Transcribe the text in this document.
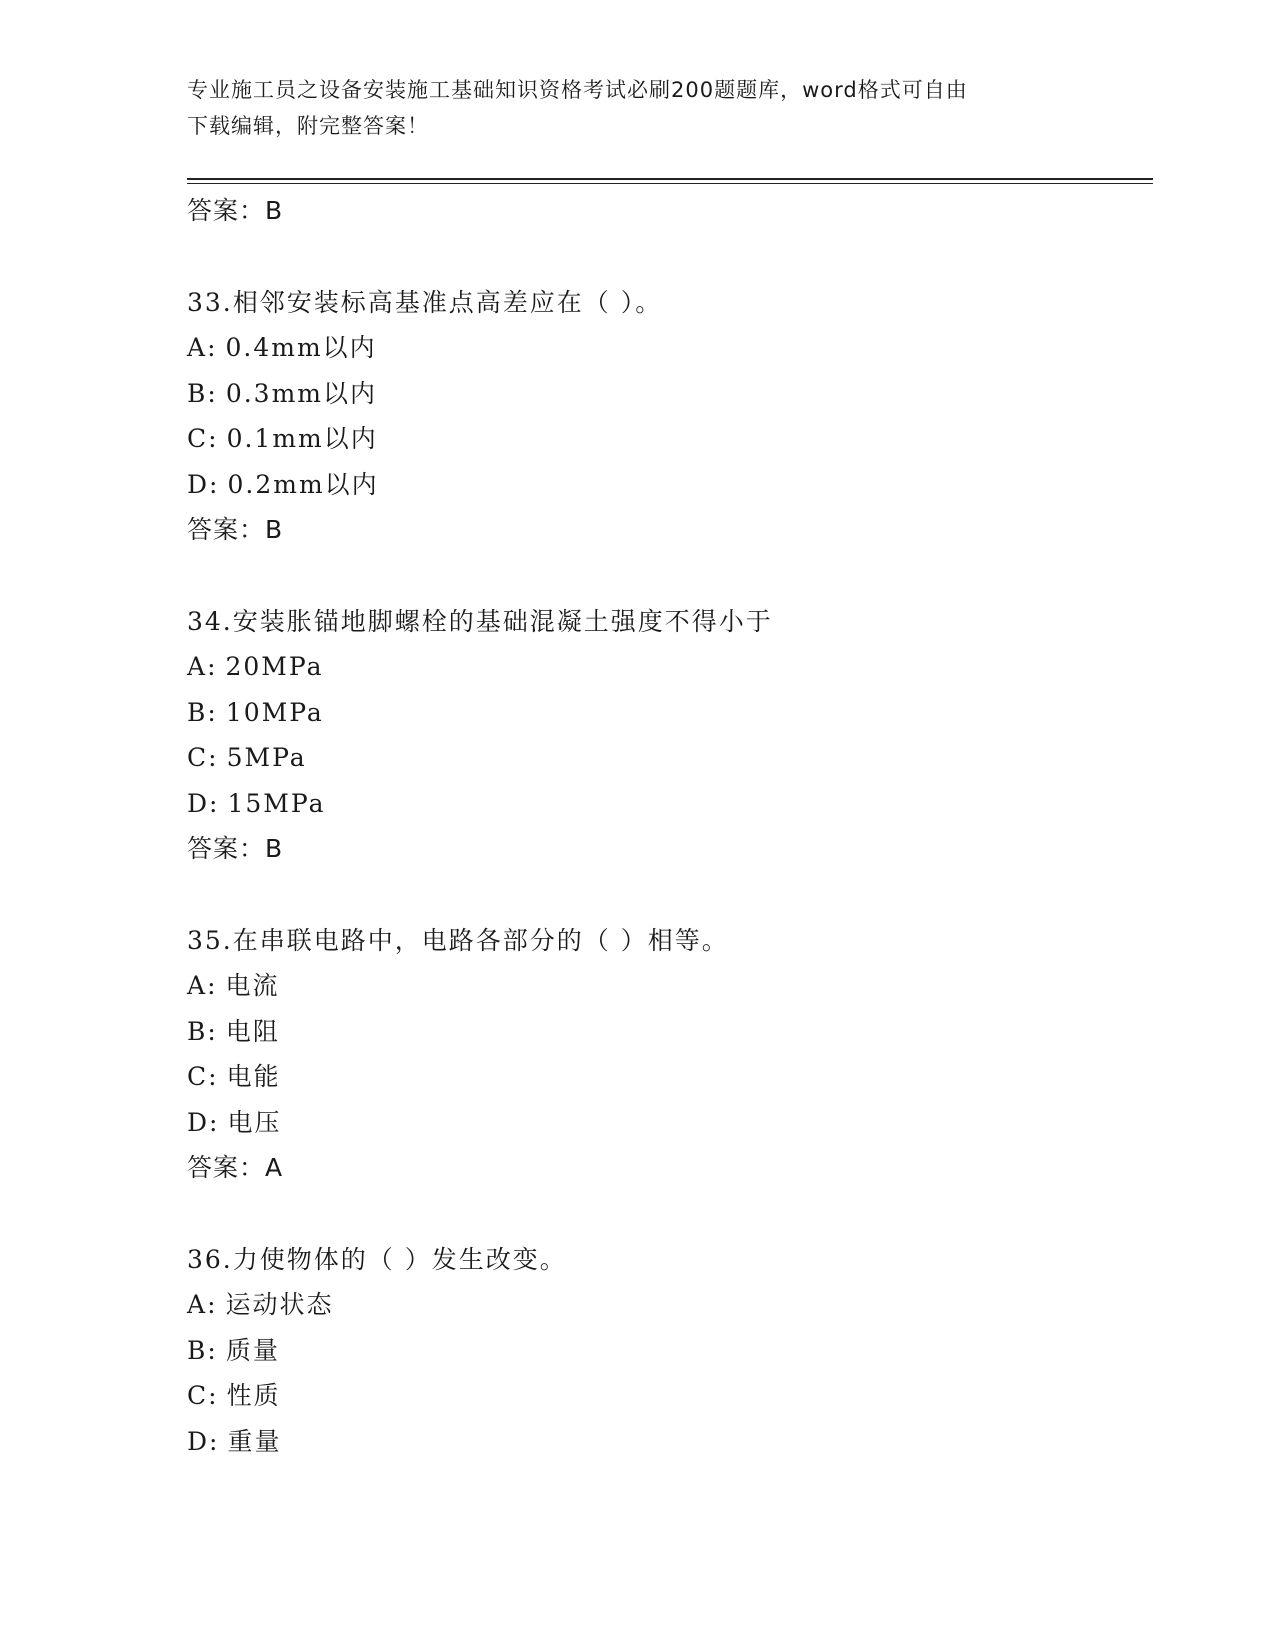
专业施工员之设备安装施工基础知识资格考试必刷200题题库，word格式可自由
下载编辑，附完整答案！
答案：B
33.相邻安装标高基准点高差应在（ ）。
A: 0.4mm以内
B: 0.3mm以内
C: 0.1mm以内
D: 0.2mm以内
答案：B
34.安装胀锚地脚螺栓的基础混凝土强度不得小于
A: 20MPa
B: 10MPa
C: 5MPa
D: 15MPa
答案：B
35.在串联电路中，电路各部分的（ ）相等。
A: 电流
B: 电阻
C: 电能
D: 电压
答案：A
36.力使物体的（ ）发生改变。
A: 运动状态
B: 质量
C: 性质
D: 重量
